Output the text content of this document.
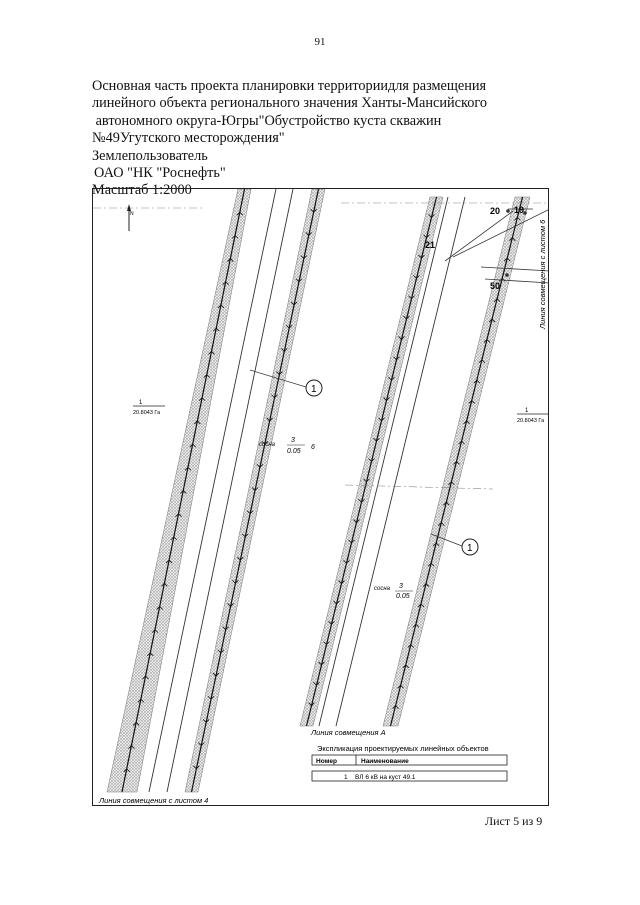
91
Основная часть проекта планировки территориидля размещения
линейного объекта регионального значения Ханты-Мансийского
автономного округа-Югры"Обустройство куста скважин
№49Угутского месторождения"
Землепользователь
ОАО "НК "Роснефть"
Масштаб 1:2000
N
1
20.8043 Га	1
20.8043 Га
сосна
3
0.05
6
сосна 3
0.05
1
1
20 19
21
50
Линия совмещения А
Линия совмещения с листом 4
Линия совмещения с листом 6
Экспликация проектируемых линейных объектов
Номер	Наименование
1 ВЛ 6 кВ на куст 49.1
Лист 5 из 9
